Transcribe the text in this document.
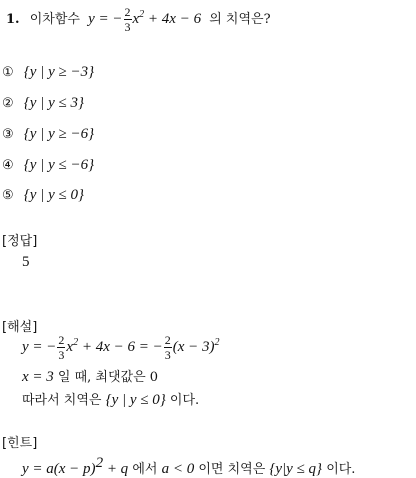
1. 이차함수 y = − $\frac{2}{3} x^2 + 4x - 6$ 의 치역은?
① {y | y ≥ −3}
② {y | y ≤ 3}
③ {y | y ≥ −6}
④ {y | y ≤ −6}
⑤ {y | y ≤ 0}
[정답]
5
[해설]
y = − $\frac{2}{3} x^2 + 4x - 6$ = − $\frac{2}{3} (x - 3)^2$
x = 3 일 때, 최댓값은 0
따라서 치역은 {y | y ≤ 0} 이다.
[힌트]
$y = a(x - p)^2 + q$ 에서 a < 0 이면 치역은 {y|y ≤ q} 이다.
